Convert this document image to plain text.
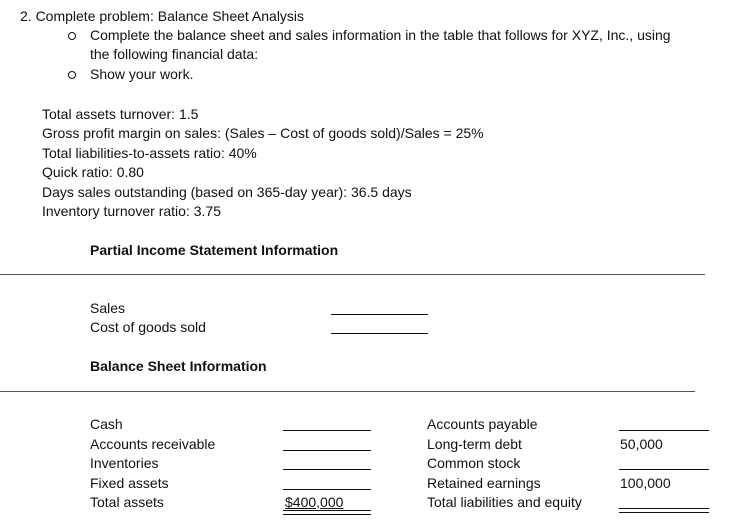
2. Complete problem: Balance Sheet Analysis
Complete the balance sheet and sales information in the table that follows for XYZ, Inc., using
the following financial data:
Show your work.
Total assets turnover: 1.5
Gross profit margin on sales: (Sales – Cost of goods sold)/Sales = 25%
Total liabilities-to-assets ratio: 40%
Quick ratio: 0.80
Days sales outstanding (based on 365-day year): 36.5 days
Inventory turnover ratio: 3.75
Partial Income Statement Information
Sales
Cost of goods sold
Balance Sheet Information
Cash
Accounts receivable
Inventories
Fixed assets
Total assets	$400,000
Accounts payable
Long-term debt
Common stock
Retained earnings
Total liabilities and equity
50,000
100,000
